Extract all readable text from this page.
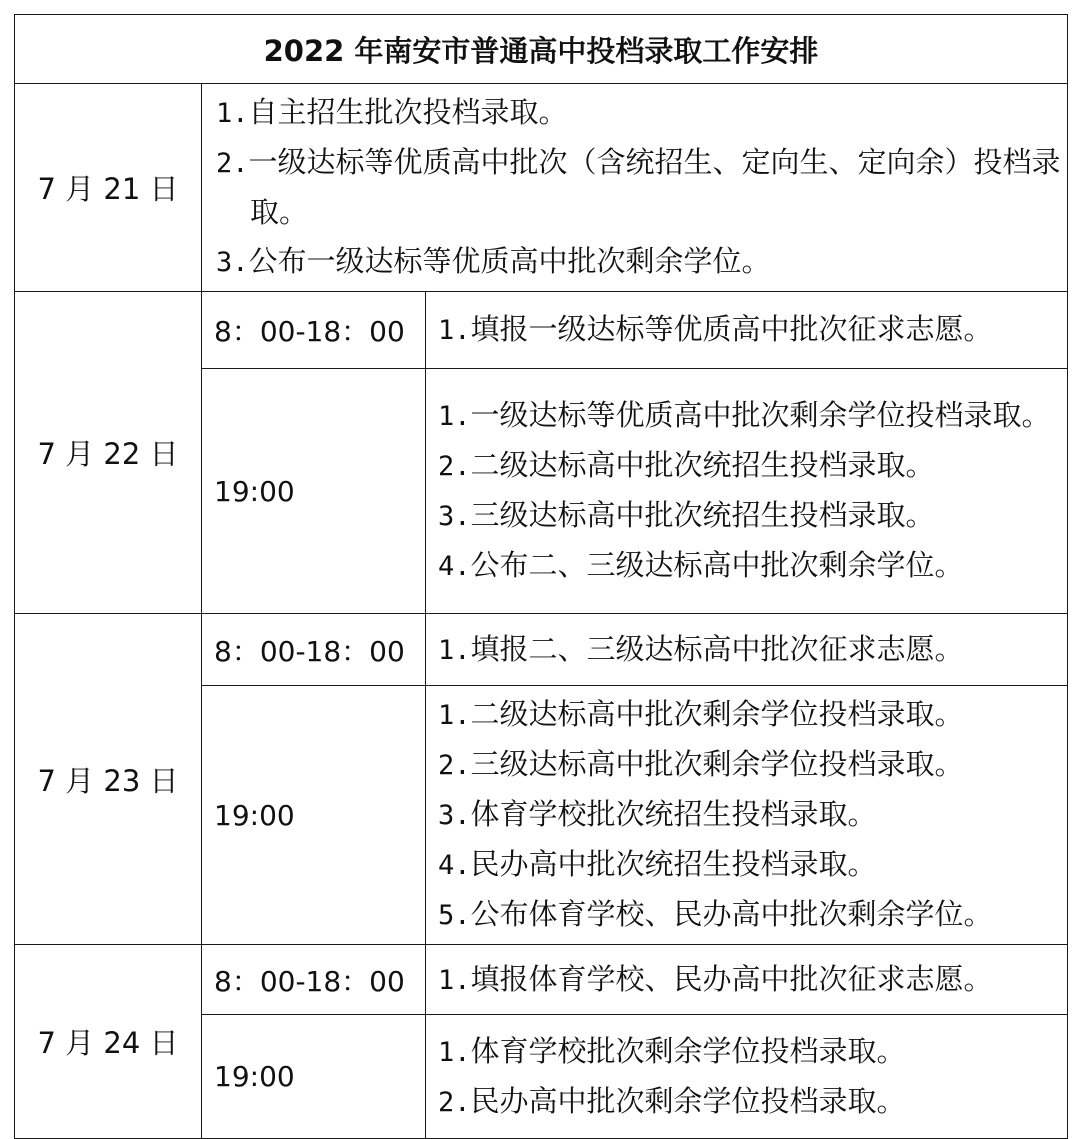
2022 年南安市普通高中投档录取工作安排		
7 月 21 日	1.自主招生批次投档录取。
2.一级达标等优质高中批次（含统招生、定向生、定向余）投档录取。
3.公布一级达标等优质高中批次剩余学位。	

7 月 22 日	8：00-18：00	1.填报一级达标等优质高中批次征求志愿。

	19:00	1.一级达标等优质高中批次剩余学位投档录取。
2.二级达标高中批次统招生投档录取。
3.三级达标高中批次统招生投档录取。
4.公布二、三级达标高中批次剩余学位。

7 月 23 日	8：00-18：00	1.填报二、三级达标高中批次征求志愿。

	19:00	1.二级达标高中批次剩余学位投档录取。
2.三级达标高中批次剩余学位投档录取。
3.体育学校批次统招生投档录取。
4.民办高中批次统招生投档录取。
5.公布体育学校、民办高中批次剩余学位。

7 月 24 日	8：00-18：00	1.填报体育学校、民办高中批次征求志愿。

	19:00	1.体育学校批次剩余学位投档录取。
2.民办高中批次剩余学位投档录取。
